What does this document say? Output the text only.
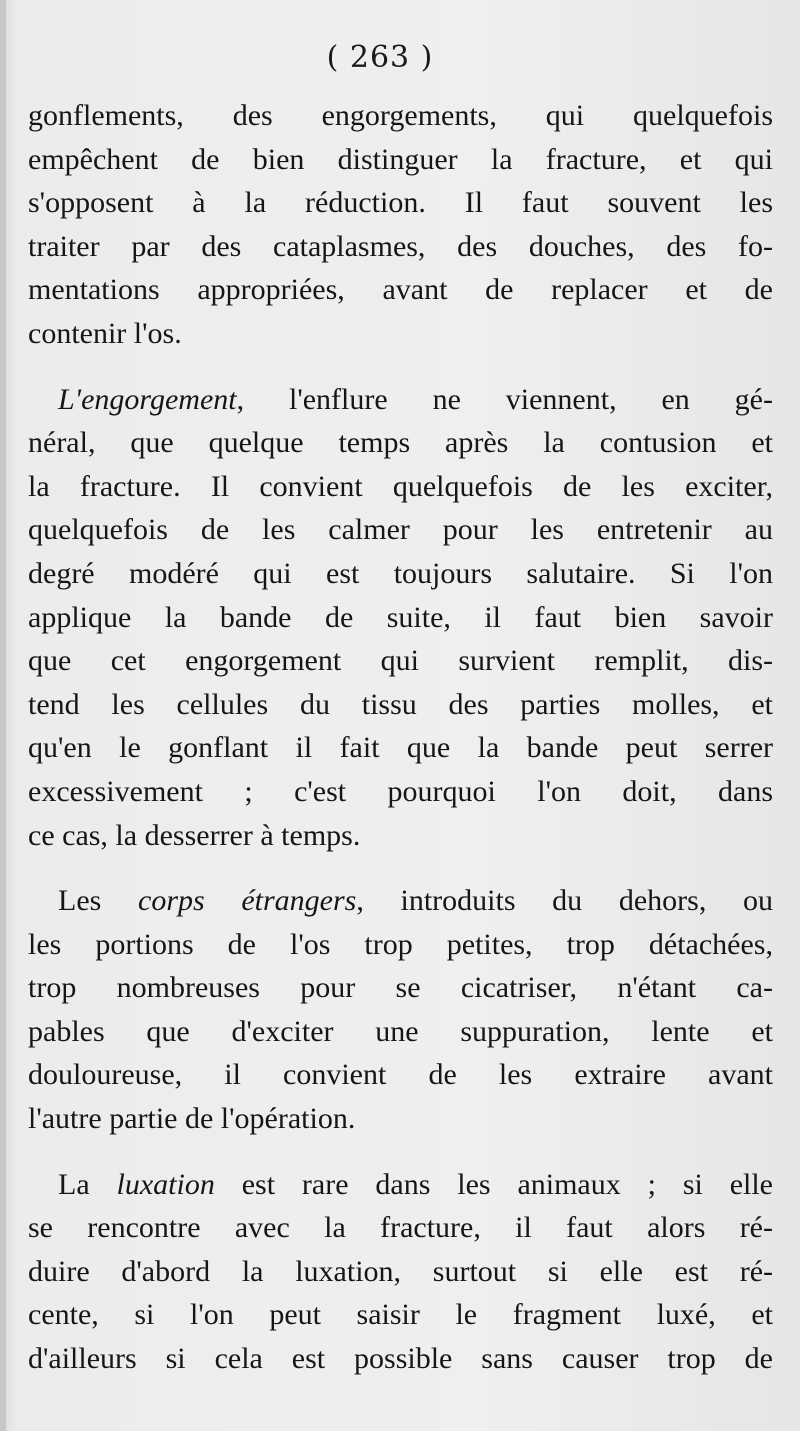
( 263 )

gonflements, des engorgements, qui quelquefois
empêchent de bien distinguer la fracture, et qui
s'opposent à la réduction. Il faut souvent les
traiter par des cataplasmes, des douches, des fo-
mentations appropriées, avant de replacer et de
contenir l'os.

L'engorgement, l'enflure ne viennent, en gé-
néral, que quelque temps après la contusion et
la fracture. Il convient quelquefois de les exciter,
quelquefois de les calmer pour les entretenir au
degré modéré qui est toujours salutaire. Si l'on
applique la bande de suite, il faut bien savoir
que cet engorgement qui survient remplit, dis-
tend les cellules du tissu des parties molles, et
qu'en le gonflant il fait que la bande peut serrer
excessivement ; c'est pourquoi l'on doit, dans
ce cas, la desserrer à temps.

Les corps étrangers, introduits du dehors, ou
les portions de l'os trop petites, trop détachées,
trop nombreuses pour se cicatriser, n'étant ca-
pables que d'exciter une suppuration, lente et
douloureuse, il convient de les extraire avant
l'autre partie de l'opération.

La luxation est rare dans les animaux ; si elle
se rencontre avec la fracture, il faut alors ré-
duire d'abord la luxation, surtout si elle est ré-
cente, si l'on peut saisir le fragment luxé, et
d'ailleurs si cela est possible sans causer trop de
